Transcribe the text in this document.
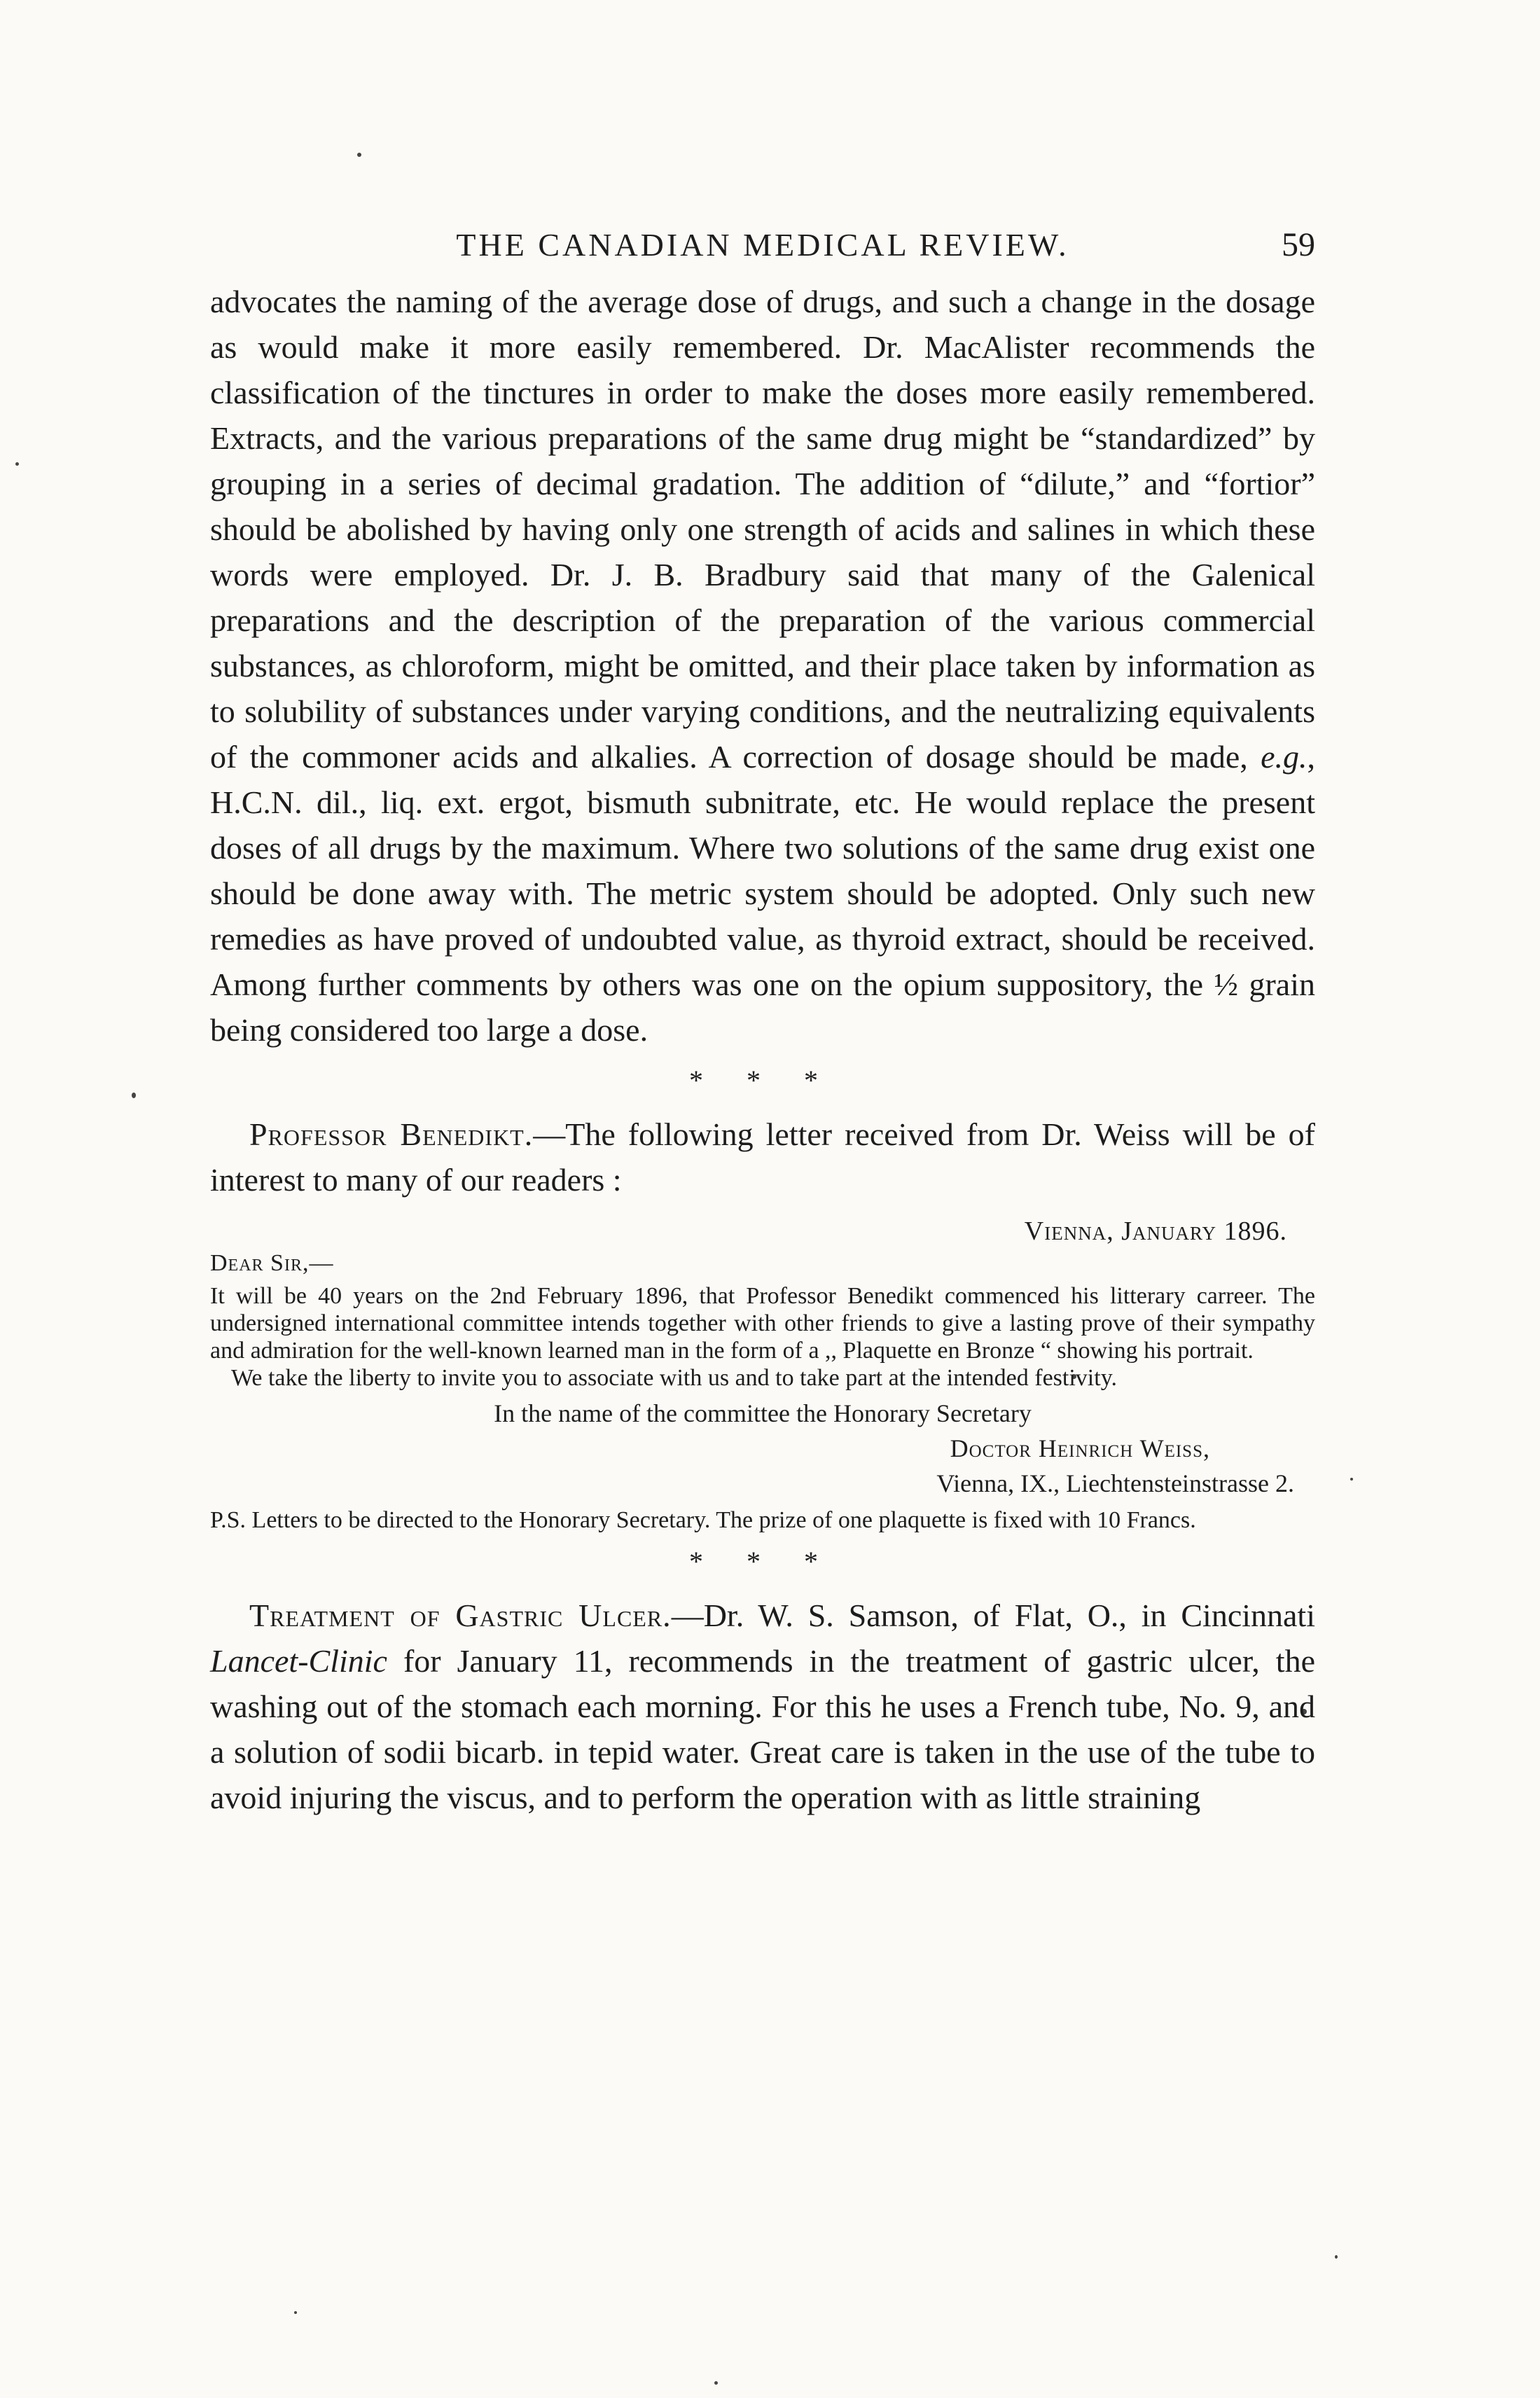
THE CANADIAN MEDICAL REVIEW.	59

advocates the naming of the average dose of drugs, and such a change in the dosage as would make it more easily remembered. Dr. MacAlister recommends the classification of the tinctures in order to make the doses more easily remembered. Extracts, and the various preparations of the same drug might be “standardized” by grouping in a series of decimal gradation. The addition of “dilute,” and “fortior” should be abolished by having only one strength of acids and salines in which these words were employed. Dr. J. B. Bradbury said that many of the Galenical preparations and the description of the preparation of the various commercial substances, as chloroform, might be omitted, and their place taken by information as to solubility of substances under varying conditions, and the neutralizing equivalents of the commoner acids and alkalies. A correction of dosage should be made, e.g., H.C.N. dil., liq. ext. ergot, bismuth subnitrate, etc. He would replace the present doses of all drugs by the maximum. Where two solutions of the same drug exist one should be done away with. The metric system should be adopted. Only such new remedies as have proved of undoubted value, as thyroid extract, should be received. Among further comments by others was one on the opium suppository, the ½ grain being considered too large a dose.

* * *

Professor Benedikt.—The following letter received from Dr. Weiss will be of interest to many of our readers :

Vienna, January 1896.
Dear Sir,—

It will be 40 years on the 2nd February 1896, that Professor Benedikt commenced his litterary carreer. The undersigned international committee intends together with other friends to give a lasting prove of their sympathy and admiration for the well-known learned man in the form of a ,, Plaquette en Bronze “ showing his portrait.

We take the liberty to invite you to associate with us and to take part at the intended festivity.

In the name of the committee the Honorary Secretary
Doctor Heinrich Weiss,
Vienna, IX., Liechtensteinstrasse 2.
P.S. Letters to be directed to the Honorary Secretary. The prize of one plaquette is fixed with 10 Francs.
* * *

Treatment of Gastric Ulcer.—Dr. W. S. Samson, of Flat, O., in Cincinnati Lancet-Clinic for January 11, recommends in the treatment of gastric ulcer, the washing out of the stomach each morning. For this he uses a French tube, No. 9, and a solution of sodii bicarb. in tepid water. Great care is taken in the use of the tube to avoid injuring the viscus, and to perform the operation with as little straining
